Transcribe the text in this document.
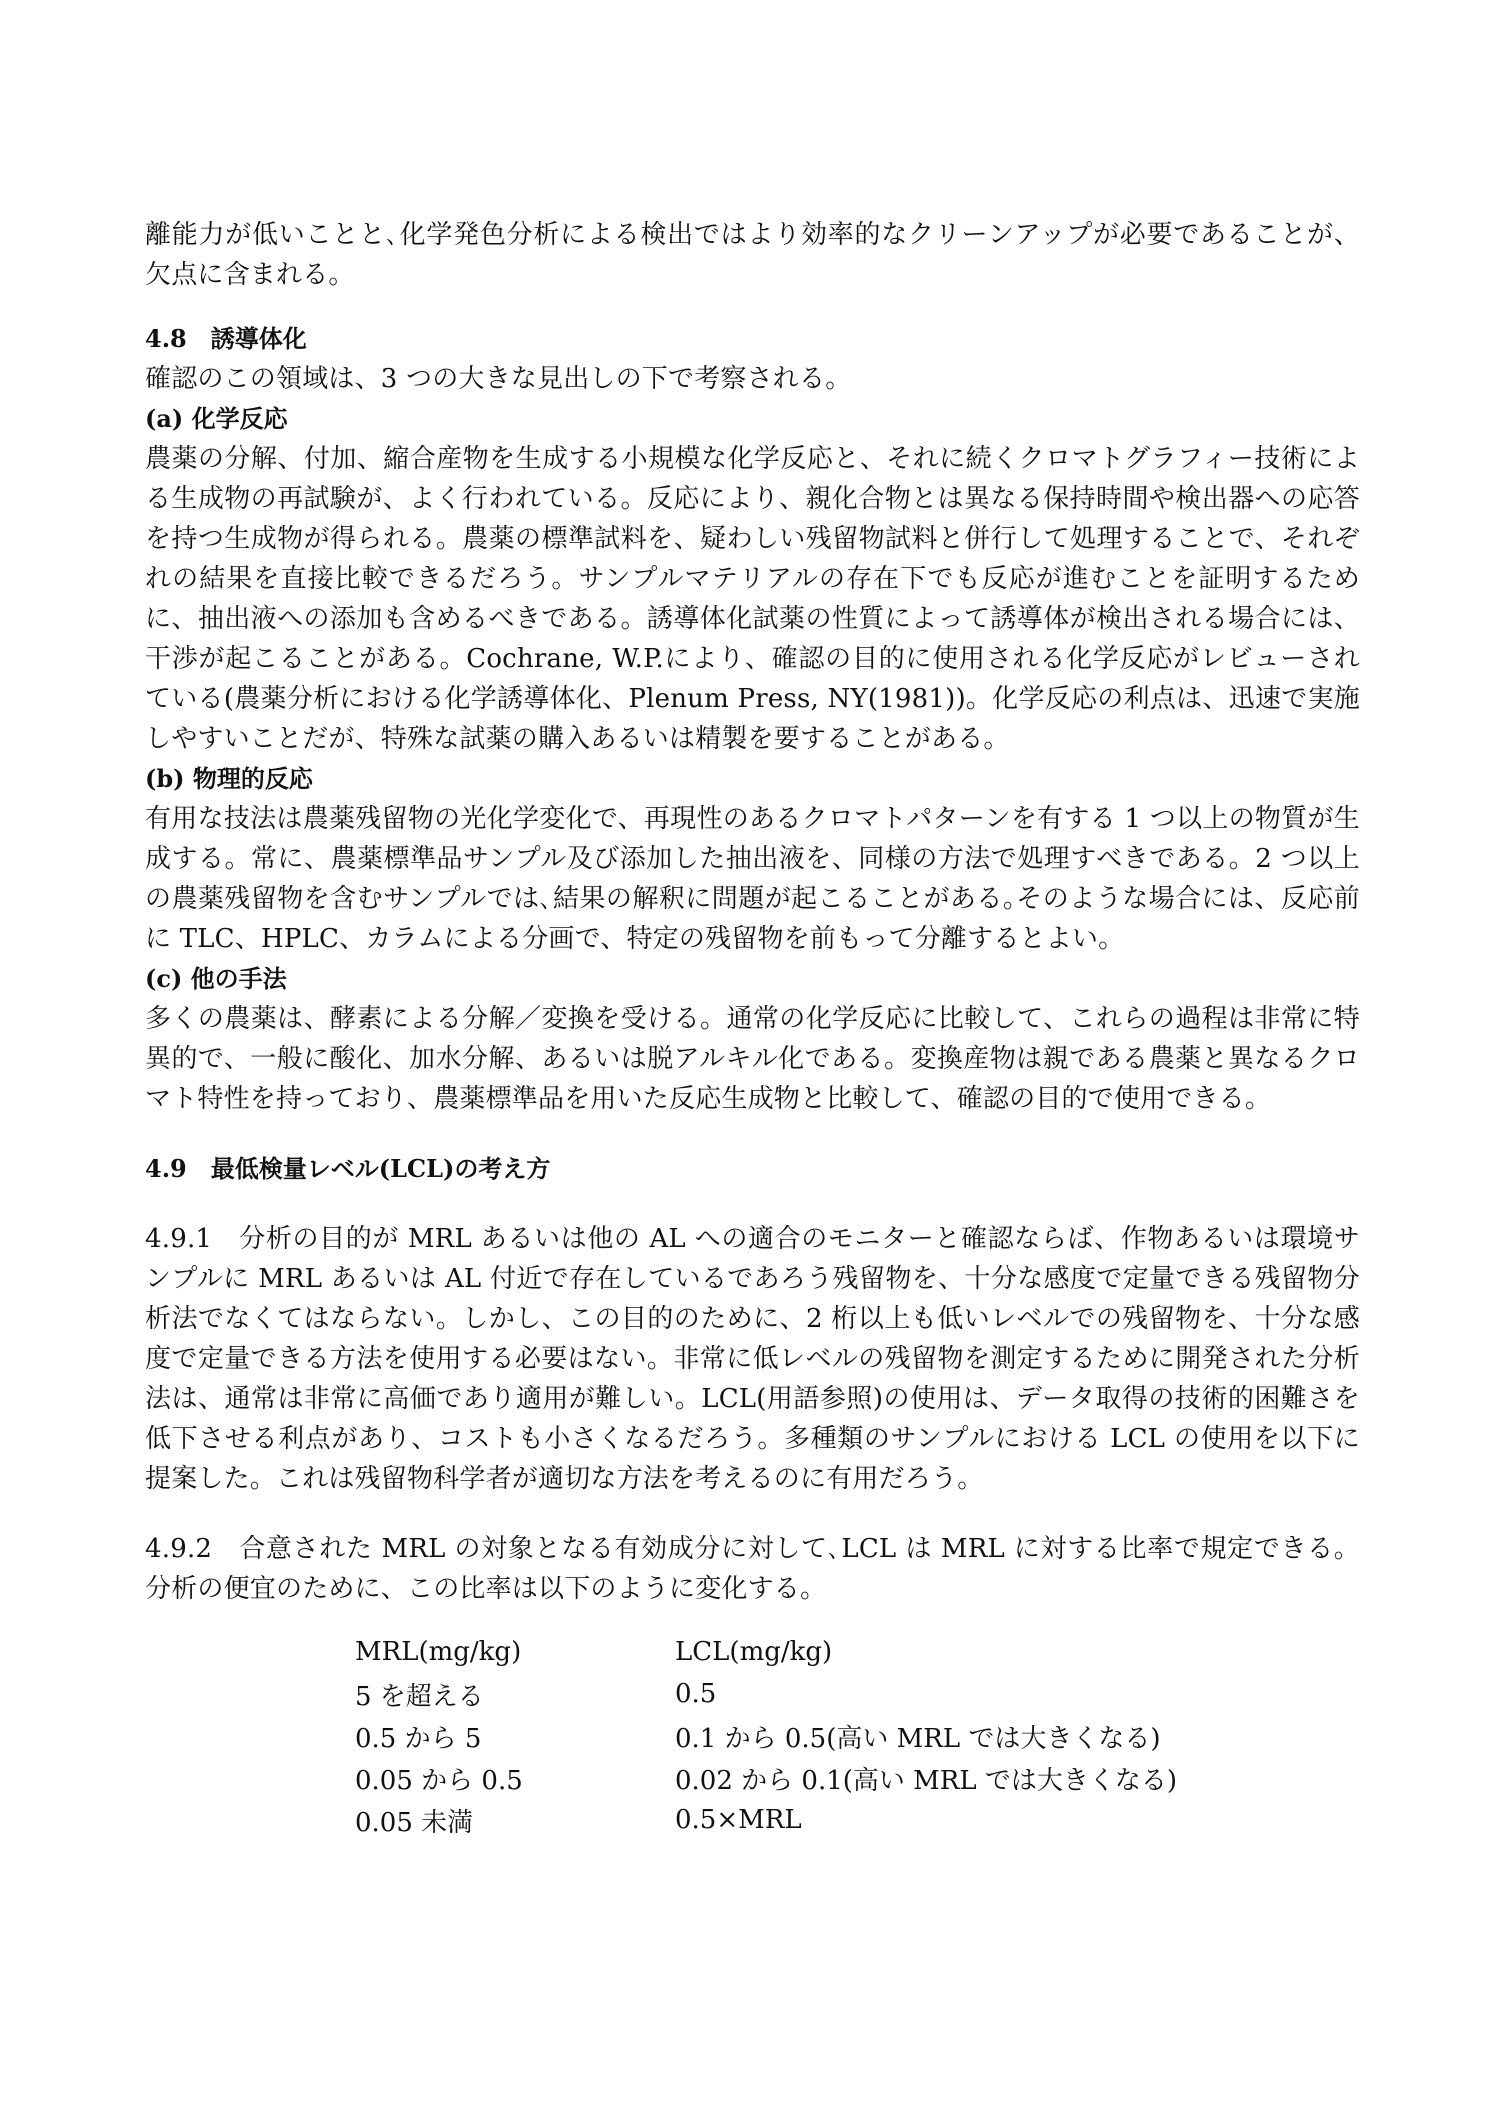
離能力が低いことと､化学発色分析による検出ではより効率的なクリーンアップが必要であることが、欠点に含まれる。

4.8　誘導体化

確認のこの領域は、3 つの大きな見出しの下で考察される。

(a) 化学反応

農薬の分解、付加、縮合産物を生成する小規模な化学反応と、それに続くクロマトグラフィー技術による生成物の再試験が、よく行われている。反応により、親化合物とは異なる保持時間や検出器への応答を持つ生成物が得られる。農薬の標準試料を、疑わしい残留物試料と併行して処理することで、それぞれの結果を直接比較できるだろう。サンプルマテリアルの存在下でも反応が進むことを証明するために、抽出液への添加も含めるべきである。誘導体化試薬の性質によって誘導体が検出される場合には、干渉が起こることがある。Cochrane, W.P.により、確認の目的に使用される化学反応がレビューされている(農薬分析における化学誘導体化、Plenum Press, NY(1981))。化学反応の利点は、迅速で実施しやすいことだが、特殊な試薬の購入あるいは精製を要することがある。

(b) 物理的反応

有用な技法は農薬残留物の光化学変化で、再現性のあるクロマトパターンを有する 1 つ以上の物質が生成する。常に、農薬標準品サンプル及び添加した抽出液を、同様の方法で処理すべきである。2 つ以上の農薬残留物を含むサンプルでは､結果の解釈に問題が起こることがある｡そのような場合には、反応前に TLC、HPLC、カラムによる分画で、特定の残留物を前もって分離するとよい。

(c) 他の手法

多くの農薬は、酵素による分解／変換を受ける。通常の化学反応に比較して、これらの過程は非常に特異的で、一般に酸化、加水分解、あるいは脱アルキル化である。変換産物は親である農薬と異なるクロマト特性を持っており、農薬標準品を用いた反応生成物と比較して、確認の目的で使用できる。

4.9　最低検量レベル(LCL)の考え方

4.9.1　分析の目的が MRL あるいは他の AL への適合のモニターと確認ならば、作物あるいは環境サンプルに MRL あるいは AL 付近で存在しているであろう残留物を、十分な感度で定量できる残留物分析法でなくてはならない。しかし、この目的のために、2 桁以上も低いレベルでの残留物を、十分な感度で定量できる方法を使用する必要はない。非常に低レベルの残留物を測定するために開発された分析法は、通常は非常に高価であり適用が難しい。LCL(用語参照)の使用は、データ取得の技術的困難さを低下させる利点があり、コストも小さくなるだろう。多種類のサンプルにおける LCL の使用を以下に提案した。これは残留物科学者が適切な方法を考えるのに有用だろう。

4.9.2　合意された MRL の対象となる有効成分に対して､LCL は MRL に対する比率で規定できる。分析の便宜のために、この比率は以下のように変化する。

MRL(mg/kg)	LCL(mg/kg)
5 を超える	0.5
0.5 から 5	0.1 から 0.5(高い MRL では大きくなる)
0.05 から 0.5	0.02 から 0.1(高い MRL では大きくなる)
0.05 未満	0.5×MRL
